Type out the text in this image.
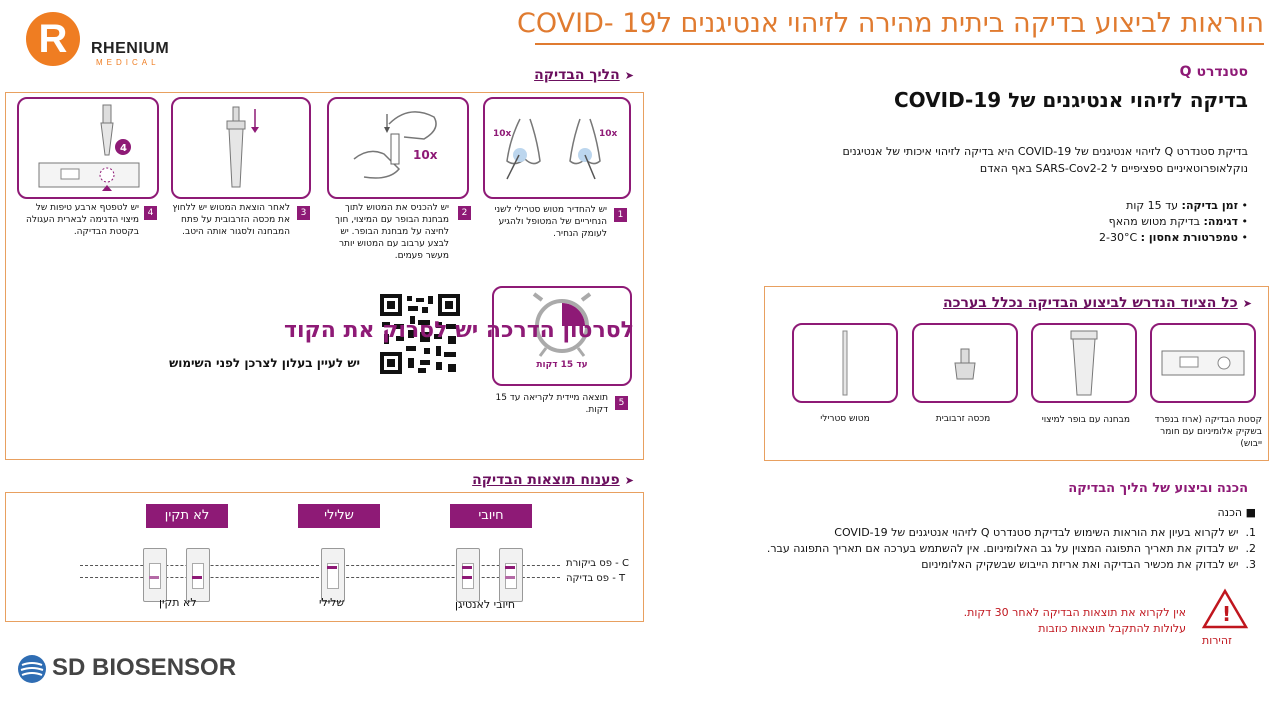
R	RHENIUM
MEDICAL
הוראות לביצוע בדיקה ביתית מהירה לזיהוי אנטיגנים לCOVID- 19
➤ הליך הבדיקה
10x	10x
1
יש להחדיר מטוש סטרילי לשני הנחיריים של המטופל ולהגיע לעומק הנחיר.
10x
2
יש להכניס את המטוש לתוך מבחנת הבופר עם המיצוי, חוך לחיצה על מבחנת הבופר. יש לבצע ערבוב עם המטוש יותר מעשר פעמים.
3
לאחר הוצאת המטוש יש ללחוץ את מכסה הזרבובית על פתח המבחנה ולסגור אותה היטב.
4
4
יש לטפטף ארבע טיפות של מיצוי הדגימה לבארית העגולה בקסטת הבדיקה.
עד 15 דקות
5
תוצאה מיידית לקריאה עד 15 דקות.
לסרטון הדרכה יש לסרוק את הקוד
יש לעיין בעלון לצרכן לפני השימוש
➤ פענוח תוצאות הבדיקה
חיובי
שלילי
לא תקין
C - פס ביקורת
T - פס בדיקה
חיובי לאנטיגן
שלילי
לא תקין
SD BIOSENSOR
סטנדרט Q
בדיקה לזיהוי אנטיגנים של COVID-19
בדיקת סטנדרט Q לזיהוי אנטיגנים של COVID-19 היא בדיקה לזיהוי איכותי של אנטיגנים
נוקלאופרוטאיניים ספציפיים ל SARS-Cov2-2 באף האדם
• זמן בדיקה: עד 15 קות
• דגימה: בדיקת מטוש מהאף
• טמפרטורת אחסון : 2-30°C
➤ כל הציוד הנדרש לביצוע הבדיקה נכלל בערכה
קסטת הבדיקה (ארוז בנפרד בשקיק אלומיניום עם חומר ייבוש)
מבחנה עם בופר למיצוי
מכסה זרבובית
מטוש סטרילי
הכנה וביצוע של הליך הבדיקה
■ הכנה
1.  יש לקרוא בעיון את הוראות השימוש לבדיקת סטנדרט Q לזיהוי אנטיגנים של COVID-19
2.  יש לבדוק את תאריך התפוגה המצוין על גב האלומיניום. אין להשתמש בערכה אם תאריך התפוגה עבר.
3.  יש לבדוק את מכשיר הבדיקה ואת אריזת הייבוש שבשקיק האלומיניום
!
זהירות
אין לקרוא את תוצאות הבדיקה לאחר 30 דקות.
עלולות להתקבל תוצאות כוזבות
